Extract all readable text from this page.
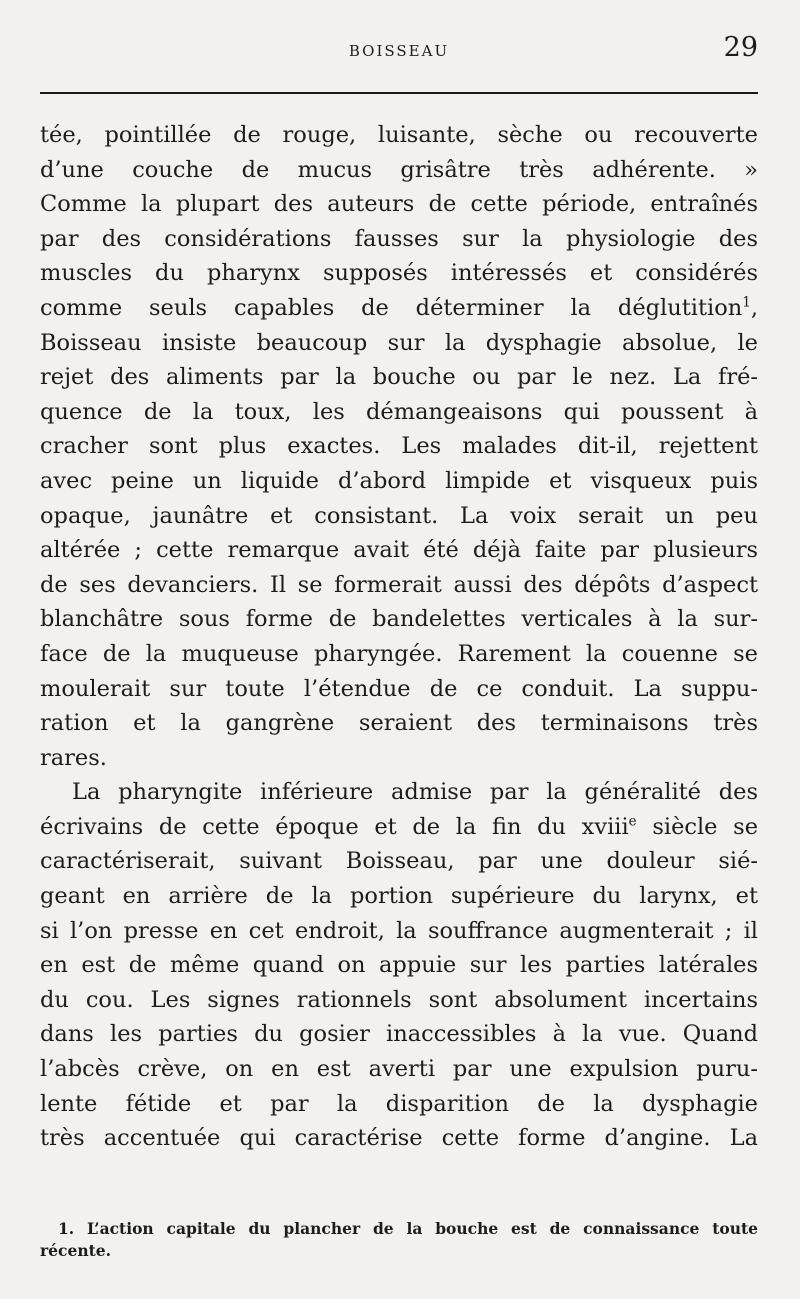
BOISSEAU	29
tée, pointillée de rouge, luisante, sèche ou recouverte
d’une couche de mucus grisâtre très adhérente. »
Comme la plupart des auteurs de cette période, entraînés
par des considérations fausses sur la physiologie des
muscles du pharynx supposés intéressés et considérés
comme seuls capables de déterminer la déglutition$^1$,
Boisseau insiste beaucoup sur la dysphagie absolue, le
rejet des aliments par la bouche ou par le nez. La fré-
quence de la toux, les démangeaisons qui poussent à
cracher sont plus exactes. Les malades dit-il, rejettent
avec peine un liquide d’abord limpide et visqueux puis
opaque, jaunâtre et consistant. La voix serait un peu
altérée ; cette remarque avait été déjà faite par plusieurs
de ses devanciers. Il se formerait aussi des dépôts d’aspect
blanchâtre sous forme de bandelettes verticales à la sur-
face de la muqueuse pharyngée. Rarement la couenne se
moulerait sur toute l’étendue de ce conduit. La suppu-
ration et la gangrène seraient des terminaisons très
rares.
La pharyngite inférieure admise par la généralité des
écrivains de cette époque et de la fin du xviii$^e$ siècle se
caractériserait, suivant Boisseau, par une douleur sié-
geant en arrière de la portion supérieure du larynx, et
si l’on presse en cet endroit, la souffrance augmenterait ; il
en est de même quand on appuie sur les parties latérales
du cou. Les signes rationnels sont absolument incertains
dans les parties du gosier inaccessibles à la vue. Quand
l’abcès crève, on en est averti par une expulsion puru-
lente fétide et par la disparition de la dysphagie
très accentuée qui caractérise cette forme d’angine. La
1. L’action capitale du plancher de la bouche est de connaissance toute
récente.
